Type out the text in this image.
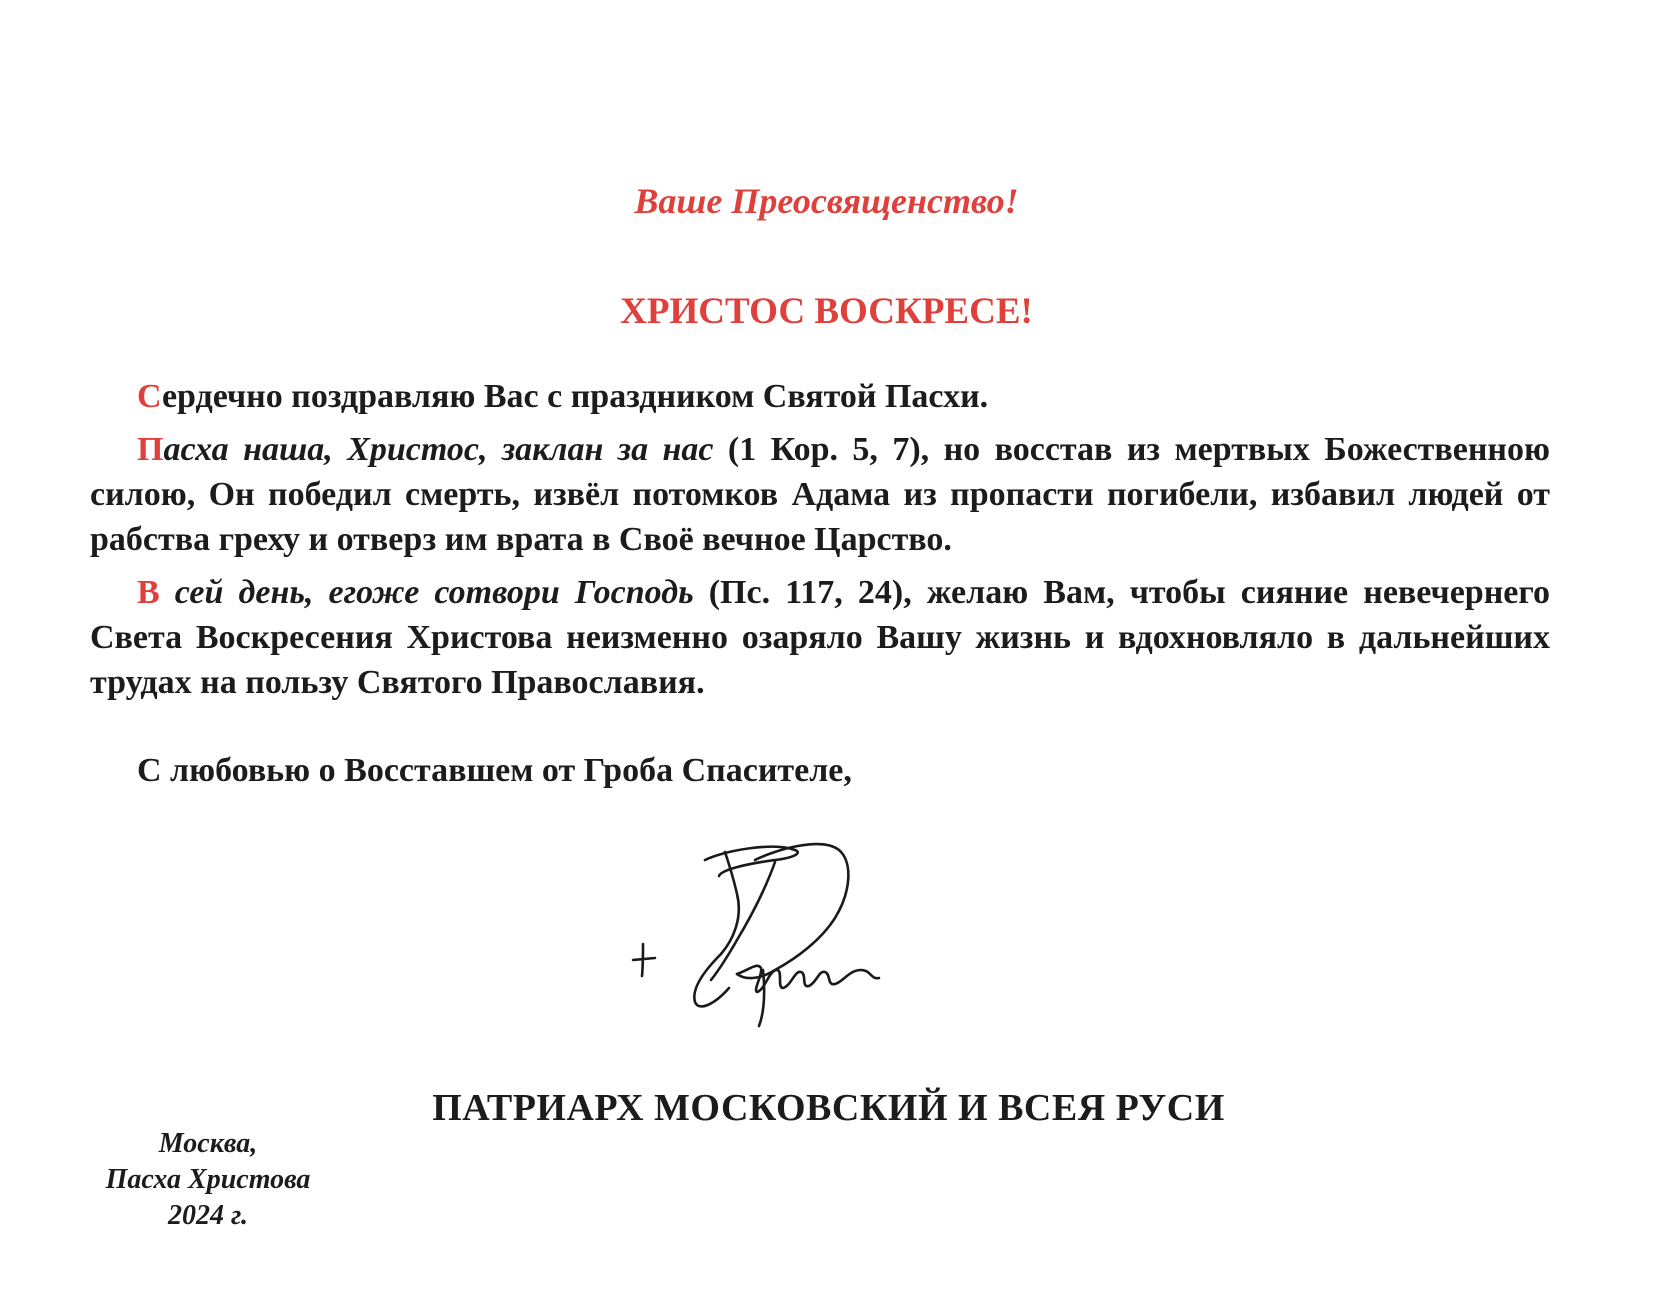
Ваше Преосвященство!
ХРИСТОС ВОСКРЕСЕ!

Сердечно поздравляю Вас с праздником Святой Пасхи.

Пасха наша, Христос, заклан за нас (1 Кор. 5, 7), но восстав из мертвых Божественною силою, Он победил смерть, извёл потомков Адама из пропасти погибели, избавил людей от рабства греху и отверз им врата в Своё вечное Царство.

В сей день, егоже сотвори Господь (Пс. 117, 24), желаю Вам, чтобы сияние невечернего Света Воскресения Христова неизменно озаряло Вашу жизнь и вдохновляло в дальнейших трудах на пользу Святого Православия.

С любовью о Восставшем от Гроба Спасителе,
ПАТРИАРХ МОСКОВСКИЙ И ВСЕЯ РУСИ
Москва,
Пасха Христова
2024 г.
